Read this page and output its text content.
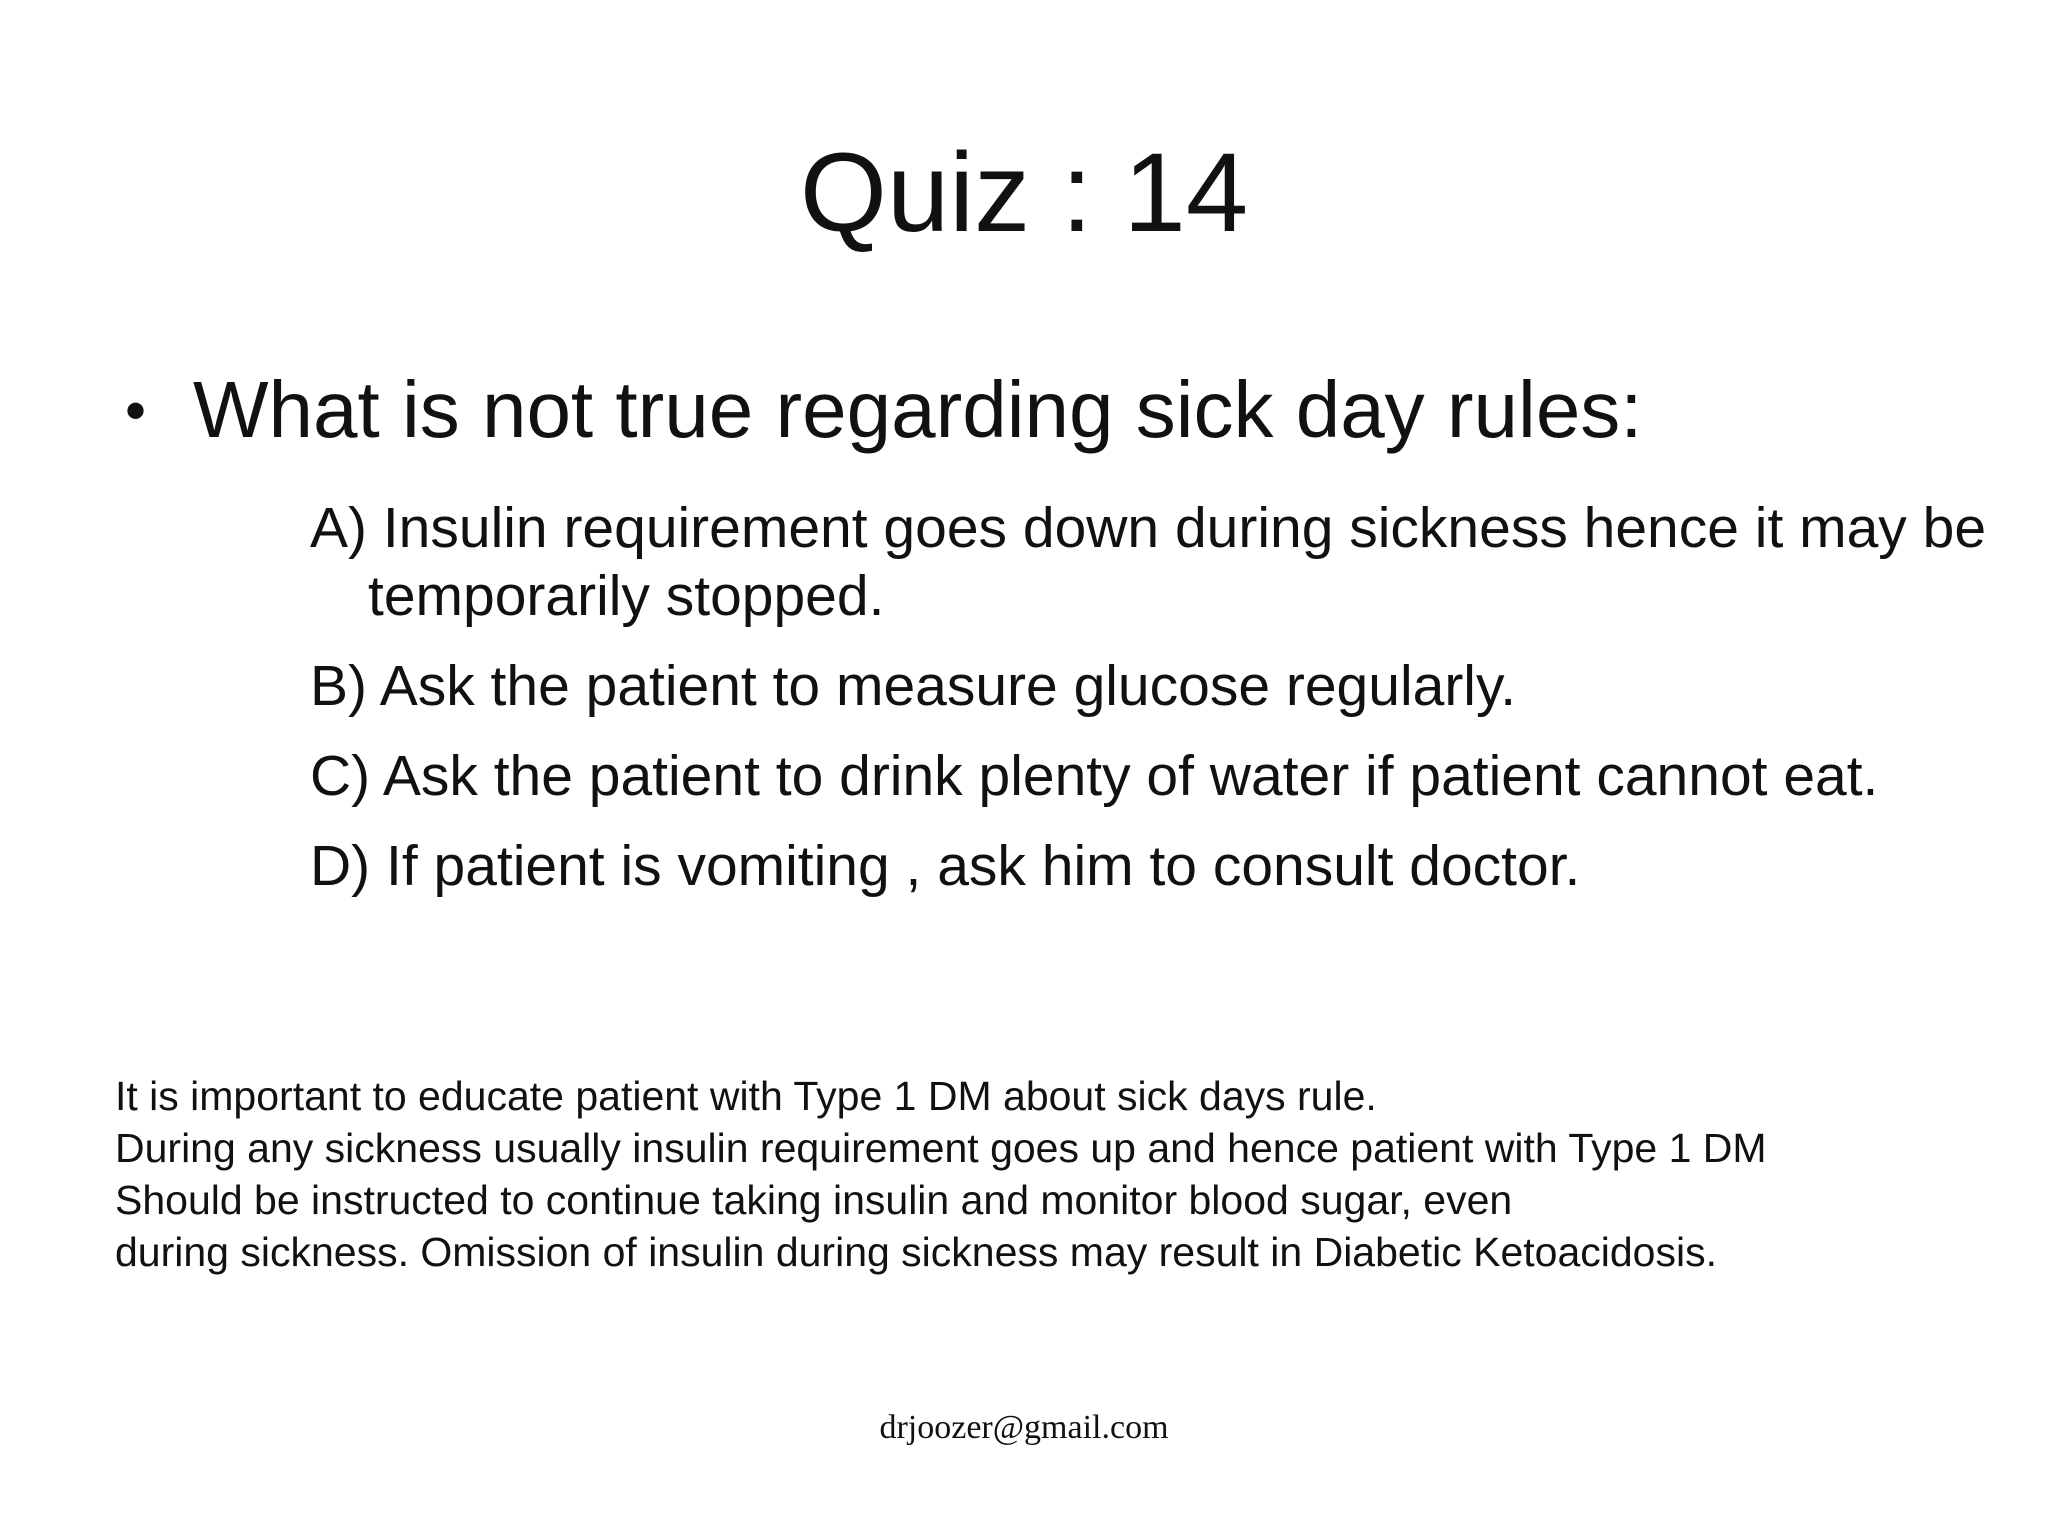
Quiz : 14
• What is not true regarding sick day rules:
A) Insulin requirement goes down during sickness hence it may be temporarily stopped.
B) Ask the patient to measure glucose regularly.
C) Ask the patient to drink plenty of water if patient cannot eat.
D) If patient is vomiting , ask him to consult doctor.
It is important to educate patient with Type 1 DM about sick days rule.
During any sickness usually insulin requirement goes up and hence patient with Type 1 DM
Should be instructed to continue taking insulin and monitor blood sugar, even
during sickness. Omission of insulin during sickness may result in Diabetic Ketoacidosis.
drjoozer@gmail.com
